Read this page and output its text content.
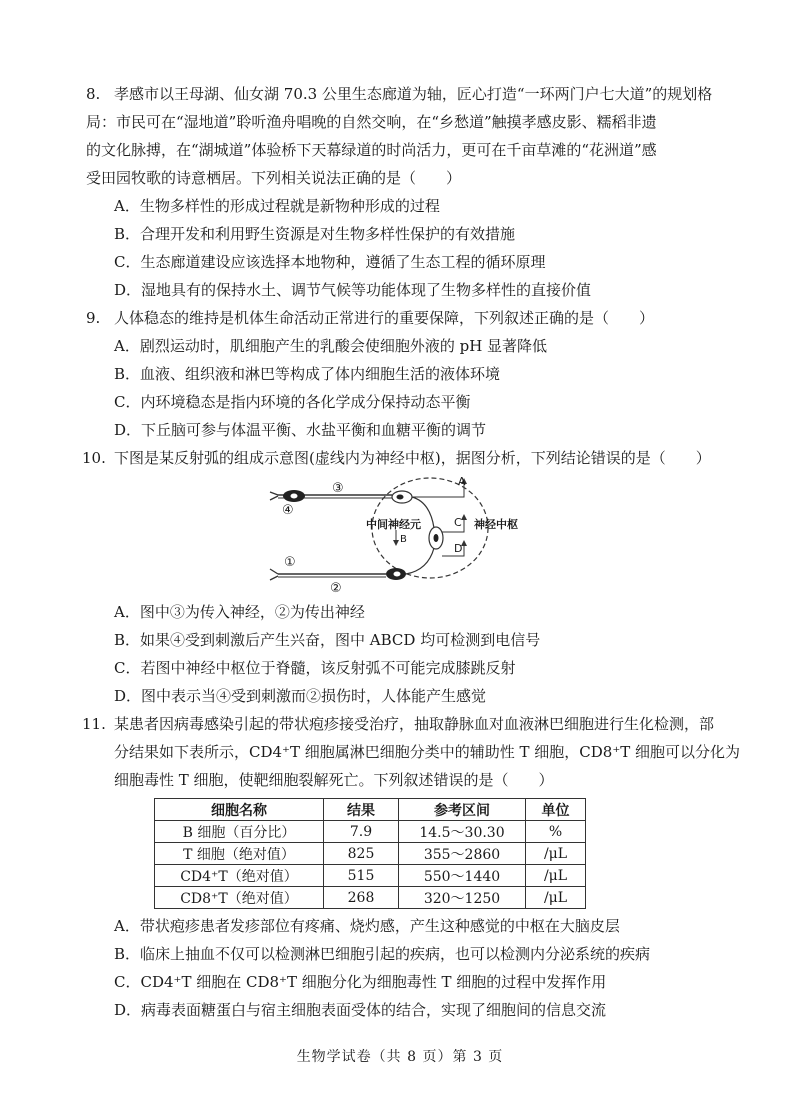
8. 孝感市以王母湖、仙女湖 70.3 公里生态廊道为轴，匠心打造“一环两门户七大道”的规划格
局：市民可在“湿地道”聆听渔舟唱晚的自然交响，在“乡愁道”触摸孝感皮影、糯稻非遗
的文化脉搏，在“湖城道”体验桥下天幕绿道的时尚活力，更可在千亩草滩的“花洲道”感
受田园牧歌的诗意栖居。下列相关说法正确的是（　　）
A．生物多样性的形成过程就是新物种形成的过程
B．合理开发和利用野生资源是对生物多样性保护的有效措施
C．生态廊道建设应该选择本地物种，遵循了生态工程的循环原理
D．湿地具有的保持水土、调节气候等功能体现了生物多样性的直接价值
9. 人体稳态的维持是机体生命活动正常进行的重要保障，下列叙述正确的是（　　）
A．剧烈运动时，肌细胞产生的乳酸会使细胞外液的 pH 显著降低
B．血液、组织液和淋巴等构成了体内细胞生活的液体环境
C．内环境稳态是指内环境的各化学成分保持动态平衡
D．下丘脑可参与体温平衡、水盐平衡和血糖平衡的调节
10. 下图是某反射弧的组成示意图(虚线内为神经中枢)，据图分析，下列结论错误的是（　　）
④
③
①
②
A
C
D
B
中间神经元	神经中枢
A．图中③为传入神经，②为传出神经
B．如果④受到刺激后产生兴奋，图中 ABCD 均可检测到电信号
C．若图中神经中枢位于脊髓，该反射弧不可能完成膝跳反射
D．图中表示当④受到刺激而②损伤时，人体能产生感觉
11. 某患者因病毒感染引起的带状疱疹接受治疗，抽取静脉血对血液淋巴细胞进行生化检测，部
分结果如下表所示，CD4⁺T 细胞属淋巴细胞分类中的辅助性 T 细胞，CD8⁺T 细胞可以分化为
细胞毒性 T 细胞，使靶细胞裂解死亡。下列叙述错误的是（　　）
细胞名称	结果	参考区间	单位
B 细胞（百分比）	7.9	14.5～30.30	%
T 细胞（绝对值）	825	355～2860	/μL
CD4⁺T（绝对值）	515	550～1440	/μL
CD8⁺T（绝对值）	268	320～1250	/μL
A．带状疱疹患者发疹部位有疼痛、烧灼感，产生这种感觉的中枢在大脑皮层
B．临床上抽血不仅可以检测淋巴细胞引起的疾病，也可以检测内分泌系统的疾病
C．CD4⁺T 细胞在 CD8⁺T 细胞分化为细胞毒性 T 细胞的过程中发挥作用
D．病毒表面糖蛋白与宿主细胞表面受体的结合，实现了细胞间的信息交流
生物学试卷（共 8 页）第 3 页
